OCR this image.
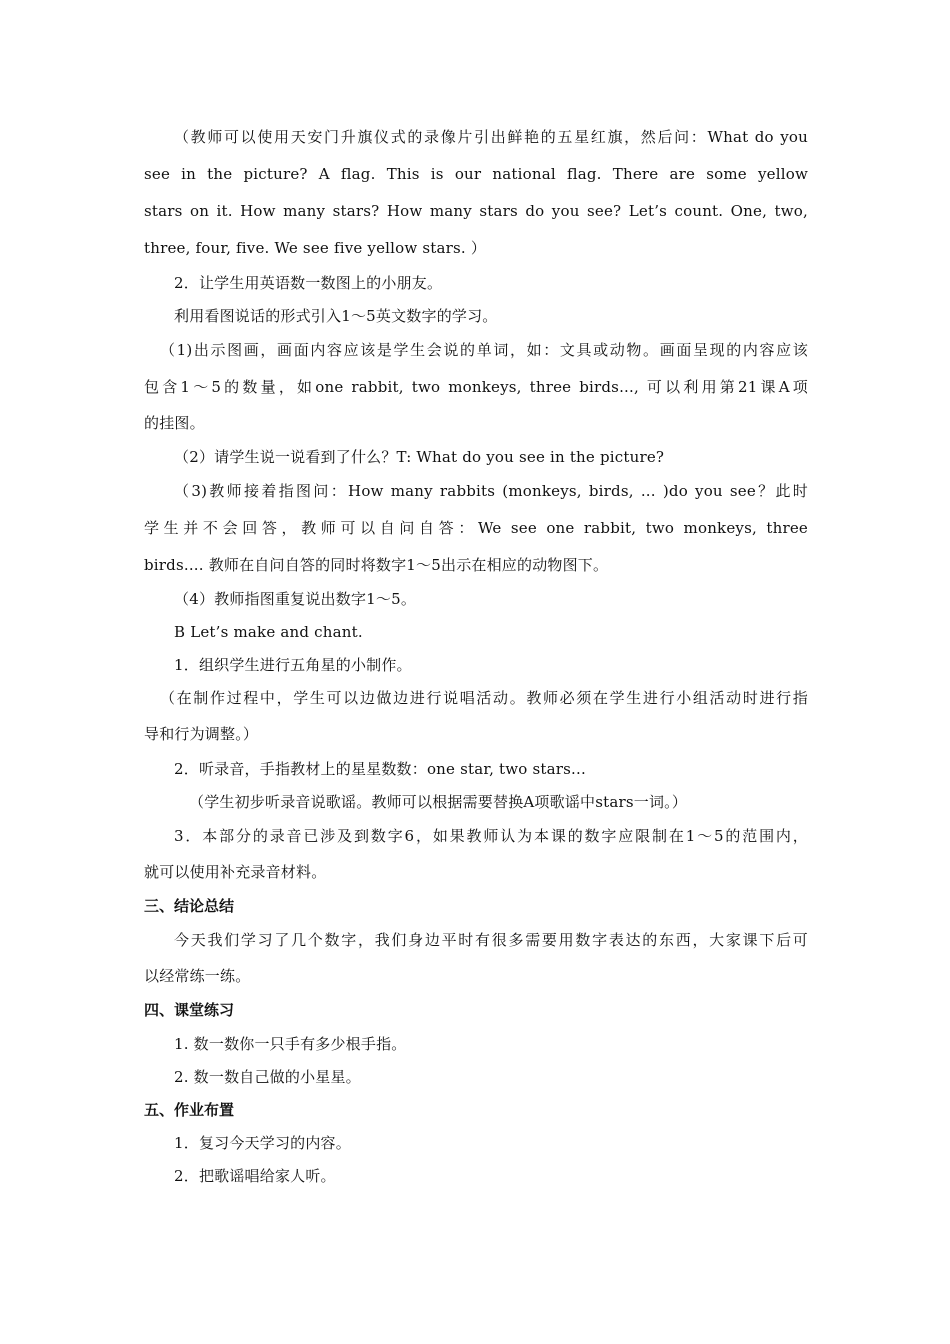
（教师可以使用天安门升旗仪式的录像片引出鲜艳的五星红旗，然后问：What do you
see in the picture? A flag. This is our national flag. There are some yellow
stars on it. How many stars? How many stars do you see? Let’s count. One, two,
three, four, five. We see five yellow stars. ）
2．让学生用英语数一数图上的小朋友。
利用看图说话的形式引入1～5英文数字的学习。
（1)出示图画，画面内容应该是学生会说的单词，如：文具或动物。画面呈现的内容应该
包含1～5的数量，如one rabbit, two monkeys, three birds..., 可以利用第21课A项
的挂图。
（2）请学生说一说看到了什么？T: What do you see in the picture?
（3)教师接着指图问：How many rabbits (monkeys, birds, ... )do you see？此时
学生并不会回答，教师可以自问自答：We see one rabbit, two monkeys, three
birds.... 教师在自问自答的同时将数字1～5出示在相应的动物图下。
（4）教师指图重复说出数字1～5。
B Let’s make and chant.
1．组织学生进行五角星的小制作。
（在制作过程中，学生可以边做边进行说唱活动。教师必须在学生进行小组活动时进行指
导和行为调整。）
2．听录音，手指教材上的星星数数：one star, two stars...
（学生初步听录音说歌谣。教师可以根据需要替换A项歌谣中stars一词。）
3．本部分的录音已涉及到数字6，如果教师认为本课的数字应限制在1～5的范围内，
就可以使用补充录音材料。
三、结论总结
今天我们学习了几个数字，我们身边平时有很多需要用数字表达的东西，大家课下后可
以经常练一练。
四、课堂练习
1. 数一数你一只手有多少根手指。
2. 数一数自己做的小星星。
五、作业布置
1．复习今天学习的内容。
2．把歌谣唱给家人听。
